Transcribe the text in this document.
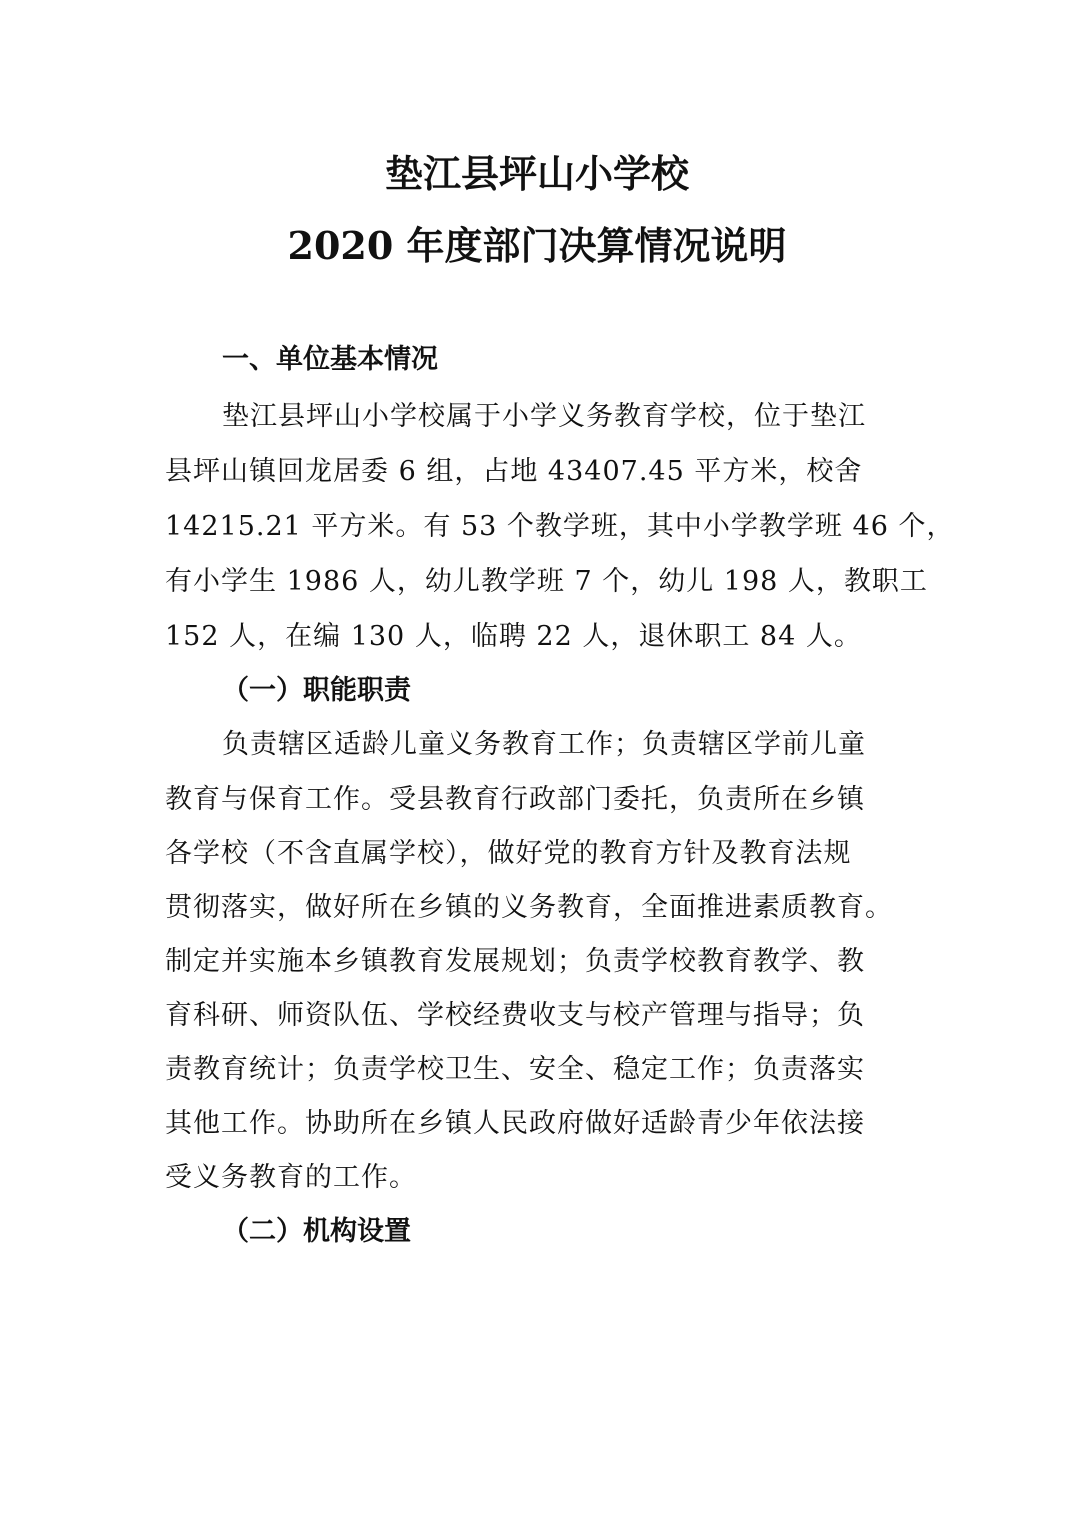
垫江县坪山小学校
2020 年度部门决算情况说明
一、单位基本情况
垫江县坪山小学校属于小学义务教育学校，位于垫江
县坪山镇回龙居委 6 组，占地 43407.45 平方米，校舍
14215.21 平方米。有 53 个教学班，其中小学教学班 46 个，
有小学生 1986 人，幼儿教学班 7 个，幼儿 198 人，教职工
152 人，在编 130 人，临聘 22 人，退休职工 84 人。
（一）职能职责
负责辖区适龄儿童义务教育工作；负责辖区学前儿童
教育与保育工作。受县教育行政部门委托，负责所在乡镇
各学校（不含直属学校），做好党的教育方针及教育法规
贯彻落实，做好所在乡镇的义务教育，全面推进素质教育。
制定并实施本乡镇教育发展规划；负责学校教育教学、教
育科研、师资队伍、学校经费收支与校产管理与指导；负
责教育统计；负责学校卫生、安全、稳定工作；负责落实
其他工作。协助所在乡镇人民政府做好适龄青少年依法接
受义务教育的工作。
（二）机构设置
